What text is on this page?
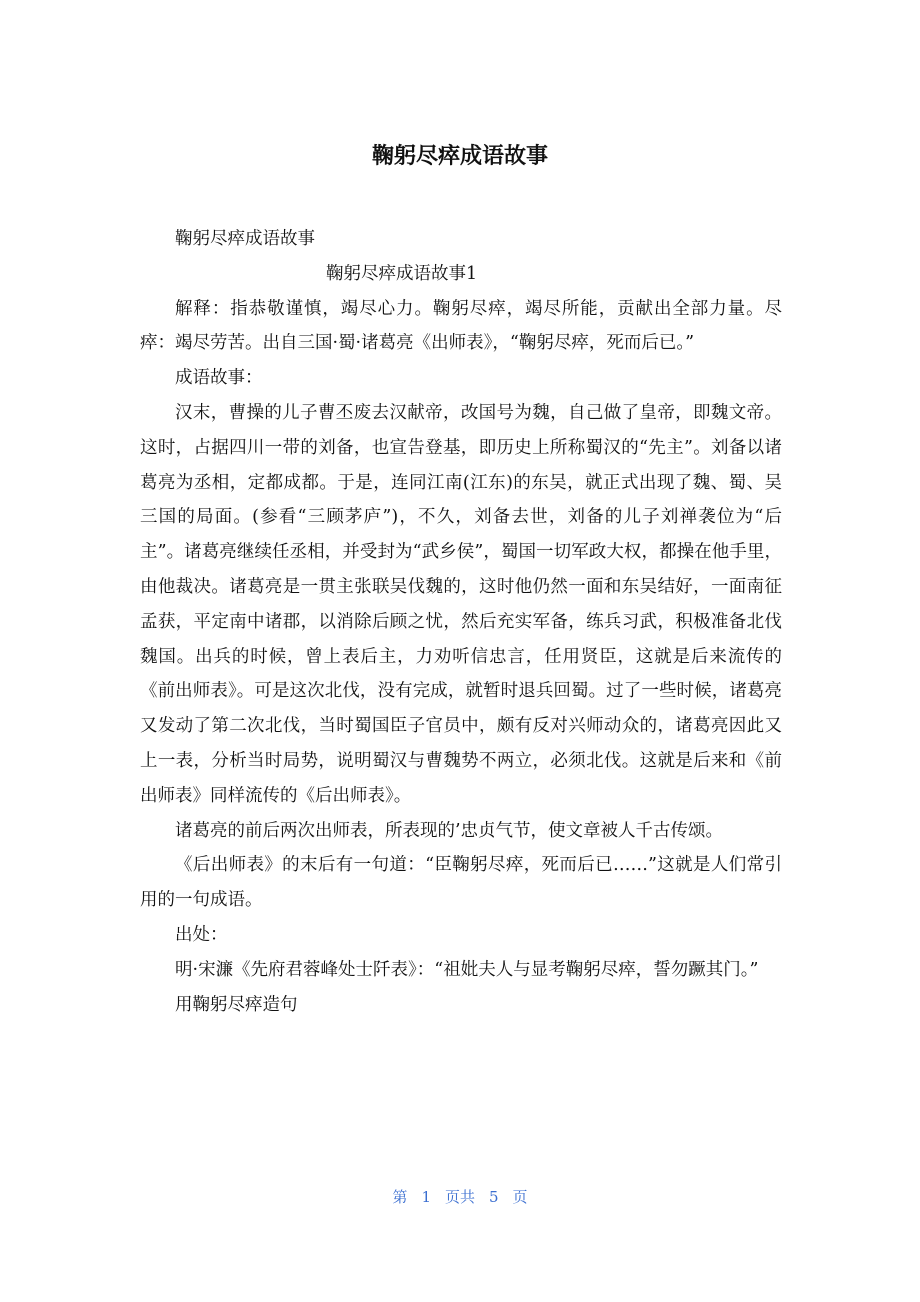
鞠躬尽瘁成语故事

鞠躬尽瘁成语故事

鞠躬尽瘁成语故事1

解释：指恭敬谨慎，竭尽心力。鞠躬尽瘁，竭尽所能，贡献出全部力量。尽瘁：竭尽劳苦。出自三国·蜀·诸葛亮《出师表》，“鞠躬尽瘁，死而后已。”

成语故事：

汉末，曹操的儿子曹丕废去汉献帝，改国号为魏，自己做了皇帝，即魏文帝。这时，占据四川一带的刘备，也宣告登基，即历史上所称蜀汉的“先主”。刘备以诸葛亮为丞相，定都成都。于是，连同江南(江东)的东吴，就正式出现了魏、蜀、吴三国的局面。(参看“三顾茅庐”)，不久，刘备去世，刘备的儿子刘禅袭位为“后主”。诸葛亮继续任丞相，并受封为“武乡侯”，蜀国一切军政大权，都操在他手里，由他裁决。诸葛亮是一贯主张联吴伐魏的，这时他仍然一面和东吴结好，一面南征孟获，平定南中诸郡，以消除后顾之忧，然后充实军备，练兵习武，积极准备北伐魏国。出兵的时候，曾上表后主，力劝听信忠言，任用贤臣，这就是后来流传的《前出师表》。可是这次北伐，没有完成，就暂时退兵回蜀。过了一些时候，诸葛亮又发动了第二次北伐，当时蜀国臣子官员中，颇有反对兴师动众的，诸葛亮因此又上一表，分析当时局势，说明蜀汉与曹魏势不两立，必须北伐。这就是后来和《前出师表》同样流传的《后出师表》。

诸葛亮的前后两次出师表，所表现的’忠贞气节，使文章被人千古传颂。

《后出师表》的末后有一句道：“臣鞠躬尽瘁，死而后已……”这就是人们常引用的一句成语。

出处：

明·宋濂《先府君蓉峰处士阡表》：“祖妣夫人与显考鞠躬尽瘁，誓勿蹶其门。”

用鞠躬尽瘁造句

第 1 页共 5 页
